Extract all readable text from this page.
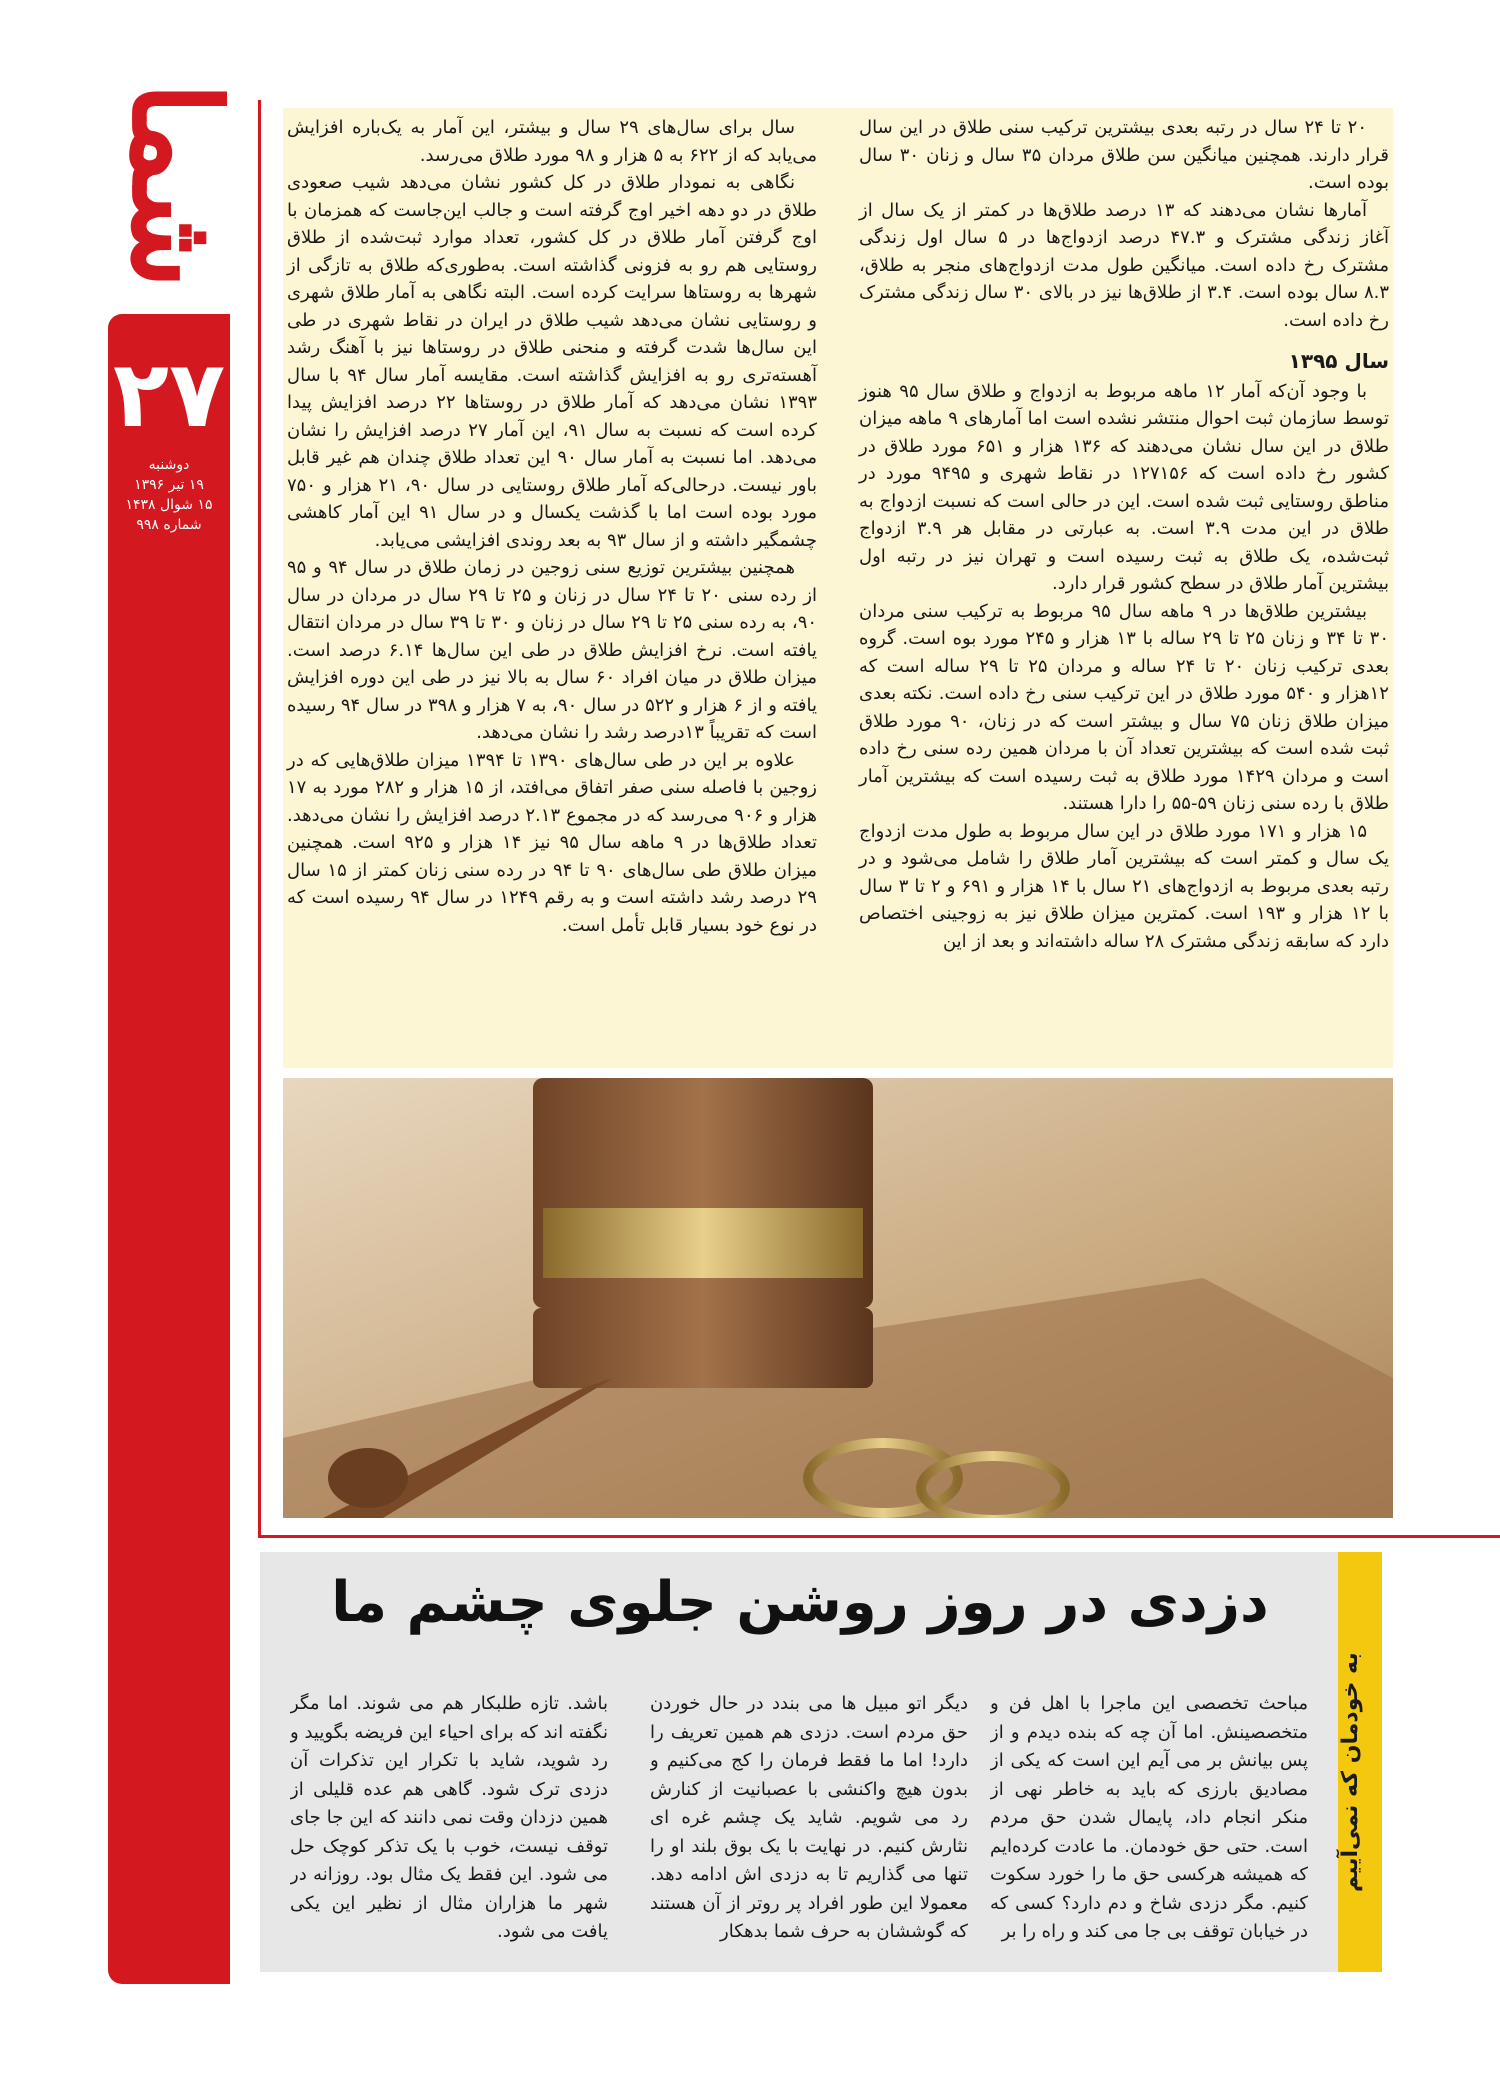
شما
۲۷
دوشنبه
۱۹ تیر ۱۳۹۶
۱۵ شوال ۱۴۳۸
شماره ۹۹۸

۲۰ تا ۲۴ سال در رتبه بعدی بیشترین ترکیب سنی طلاق در این سال قرار دارند. همچنین میانگین سن طلاق مردان ۳۵ سال و زنان ۳۰ سال بوده است.

آمارها نشان می‌دهند که ۱۳ درصد طلاق‌ها در کمتر از یک سال از آغاز زندگی مشترک و ۴۷.۳ درصد ازدواج‌ها در ۵ سال اول زندگی مشترک رخ داده است. میانگین طول مدت ازدواج‌های منجر به طلاق، ۸.۳ سال بوده است. ۳.۴ از طلاق‌ها نیز در بالای ۳۰ سال زندگی مشترک رخ داده است.

سال ۱۳۹۵

با وجود آن‌که آمار ۱۲ ماهه مربوط به ازدواج و طلاق سال ۹۵ هنوز توسط سازمان ثبت احوال منتشر نشده است اما آمارهای ۹ ماهه میزان طلاق در این سال نشان می‌دهند که ۱۳۶ هزار و ۶۵۱ مورد طلاق در کشور رخ داده است که ۱۲۷۱۵۶ در نقاط شهری و ۹۴۹۵ مورد در مناطق روستایی ثبت شده است. این در حالی است که نسبت ازدواج به طلاق در این مدت ۳.۹ است. به عبارتی در مقابل هر ۳.۹ ازدواج ثبت‌شده، یک طلاق به ثبت رسیده است و تهران نیز در رتبه اول بیشترین آمار طلاق در سطح کشور قرار دارد.

بیشترین طلاق‌ها در ۹ ماهه سال ۹۵ مربوط به ترکیب سنی مردان ۳۰ تا ۳۴ و زنان ۲۵ تا ۲۹ ساله با ۱۳ هزار و ۲۴۵ مورد بوه است. گروه بعدی ترکیب زنان ۲۰ تا ۲۴ ساله و مردان ۲۵ تا ۲۹ ساله است که ۱۲هزار و ۵۴۰ مورد طلاق در این ترکیب سنی رخ داده است. نکته بعدی میزان طلاق زنان ۷۵ سال و بیشتر است که در زنان، ۹۰ مورد طلاق ثبت شده است که بیشترین تعداد آن با مردان همین رده سنی رخ داده است و مردان ۱۴۲۹ مورد طلاق به ثبت رسیده است که بیشترین آمار طلاق با رده سنی زنان ۵۹-۵۵ را دارا هستند.

۱۵ هزار و ۱۷۱ مورد طلاق در این سال مربوط به طول مدت ازدواج یک سال و کمتر است که بیشترین آمار طلاق را شامل می‌شود و در رتبه بعدی مربوط به ازدواج‌های ۲۱ سال با ۱۴ هزار و ۶۹۱ و ۲ تا ۳ سال با ۱۲ هزار و ۱۹۳ است. کمترین میزان طلاق نیز به زوجینی اختصاص دارد که سابقه زندگی مشترک ۲۸ ساله داشته‌اند و بعد از این

سال برای سال‌های ۲۹ سال و بیشتر، این آمار به یک‌باره افزایش می‌یابد که از ۶۲۲ به ۵ هزار و ۹۸ مورد طلاق می‌رسد.

نگاهی به نمودار طلاق در کل کشور نشان می‌دهد شیب صعودی طلاق در دو دهه اخیر اوج گرفته است و جالب این‌جاست که همزمان با اوج گرفتن آمار طلاق در کل کشور، تعداد موارد ثبت‌شده از طلاق روستایی هم رو به فزونی گذاشته است. به‌طوری‌که طلاق به تازگی از شهرها به روستاها سرایت کرده است. البته نگاهی به آمار طلاق شهری و روستایی نشان می‌دهد شیب طلاق در ایران در نقاط شهری در طی این سال‌ها شدت گرفته و منحنی طلاق در روستاها نیز با آهنگ رشد آهسته‌تری رو به افزایش گذاشته است. مقایسه آمار سال ۹۴ با سال ۱۳۹۳ نشان می‌دهد که آمار طلاق در روستاها ۲۲ درصد افزایش پیدا کرده است که نسبت به سال ۹۱، این آمار ۲۷ درصد افزایش را نشان می‌دهد. اما نسبت به آمار سال ۹۰ این تعداد طلاق چندان هم غیر قابل باور نیست. درحالی‌که آمار طلاق روستایی در سال ۹۰، ۲۱ هزار و ۷۵۰ مورد بوده است اما با گذشت یکسال و در سال ۹۱ این آمار کاهشی چشمگیر داشته و از سال ۹۳ به بعد روندی افزایشی می‌یابد.

همچنین بیشترین توزیع سنی زوجین در زمان طلاق در سال ۹۴ و ۹۵ از رده سنی ۲۰ تا ۲۴ سال در زنان و ۲۵ تا ۲۹ سال در مردان در سال ۹۰، به رده سنی ۲۵ تا ۲۹ سال در زنان و ۳۰ تا ۳۹ سال در مردان انتقال یافته است. نرخ افزایش طلاق در طی این سال‌ها ۶.۱۴ درصد است. میزان طلاق در میان افراد ۶۰ سال به بالا نیز در طی این دوره افزایش یافته و از ۶ هزار و ۵۲۲ در سال ۹۰، به ۷ هزار و ۳۹۸ در سال ۹۴ رسیده است که تقریباً ۱۳درصد رشد را نشان می‌دهد.

علاوه بر این در طی سال‌های ۱۳۹۰ تا ۱۳۹۴ میزان طلاق‌هایی که در زوجین با فاصله سنی صفر اتفاق می‌افتد، از ۱۵ هزار و ۲۸۲ مورد به ۱۷ هزار و ۹۰۶ می‌رسد که در مجموع ۲.۱۳ درصد افزایش را نشان می‌دهد. تعداد طلاق‌ها در ۹ ماهه سال ۹۵ نیز ۱۴ هزار و ۹۲۵ است. همچنین میزان طلاق طی سال‌های ۹۰ تا ۹۴ در رده سنی زنان کمتر از ۱۵ سال ۲۹ درصد رشد داشته است و به رقم ۱۲۴۹ در سال ۹۴ رسیده است که در نوع خود بسیار قابل تأمل است.

به خودمان که نمی‌آییم
دزدی در روز روشن جلوی چشم ما
مباحث تخصصی این ماجرا با اهل فن و متخصصینش. اما آن چه که بنده دیدم و از پس بیانش بر می آیم این است که یکی از مصادیق بارزی که باید به خاطر نهی از منکر انجام داد، پایمال شدن حق مردم است. حتی حق خودمان. ما عادت کرده‌ایم که همیشه هرکسی حق ما را خورد سکوت کنیم. مگر دزدی شاخ و دم دارد؟ کسی که در خیابان توقف بی جا می کند و راه را بر
دیگر اتو مبیل ها می بندد در حال خوردن حق مردم است. دزدی هم همین تعریف را دارد! اما ما فقط فرمان را کج می‌کنیم و بدون هیچ واکنشی با عصبانیت از کنارش رد می شویم. شاید یک چشم غره ای نثارش کنیم. در نهایت با یک بوق بلند او را تنها می گذاریم تا به دزدی اش ادامه دهد. معمولا این طور افراد پر روتر از آن هستند که گوششان به حرف شما بدهکار
باشد. تازه طلبکار هم می شوند. اما مگر نگفته اند که برای احیاء این فریضه بگویید و رد شوید، شاید با تکرار این تذکرات آن دزدی ترک شود. گاهی هم عده قلیلی از همین دزدان وقت نمی دانند که این جا جای توقف نیست، خوب با یک تذکر کوچک حل می شود. این فقط یک مثال بود. روزانه در شهر ما هزاران مثال از نظیر این یکی یافت می شود.
